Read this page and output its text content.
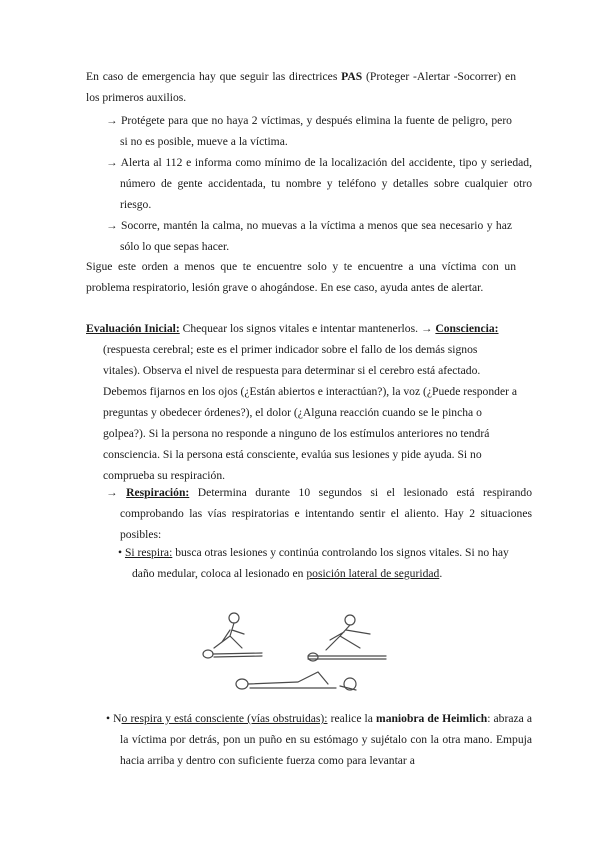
En caso de emergencia hay que seguir las directrices PAS (Proteger -Alertar -Socorrer) en los primeros auxilios.

→ Protégete para que no haya 2 víctimas, y después elimina la fuente de peligro, pero si no es posible, mueve a la víctima.
→ Alerta al 112 e informa como mínimo de la localización del accidente, tipo y seriedad, número de gente accidentada, tu nombre y teléfono y detalles sobre cualquier otro riesgo.
→ Socorre, mantén la calma, no muevas a la víctima a menos que sea necesario y haz sólo lo que sepas hacer.

Sigue este orden a menos que te encuentre solo y te encuentre a una víctima con un problema respiratorio, lesión grave o ahogándose. En ese caso, ayuda antes de alertar.

Evaluación Inicial: Chequear los signos vitales e intentar mantenerlos. → Consciencia:

(respuesta cerebral; este es el primer indicador sobre el fallo de los demás signos vitales). Observa el nivel de respuesta para determinar si el cerebro está afectado. Debemos fijarnos en los ojos (¿Están abiertos e interactúan?), la voz (¿Puede responder a preguntas y obedecer órdenes?), el dolor (¿Alguna reacción cuando se le pincha o golpea?). Si la persona no responde a ninguno de los estímulos anteriores no tendrá consciencia. Si la persona está consciente, evalúa sus lesiones y pide ayuda. Si no comprueba su respiración.

→ Respiración: Determina durante 10 segundos si el lesionado está respirando comprobando las vías respiratorias e intentando sentir el aliento. Hay 2 situaciones posibles:
• Si respira: busca otras lesiones y continúa controlando los signos vitales. Si no hay daño medular, coloca al lesionado en posición lateral de seguridad.
• No respira y está consciente (vías obstruidas): realice la maniobra de Heimlich: abraza a la víctima por detrás, pon un puño en su estómago y sujétalo con la otra mano. Empuja hacia arriba y dentro con suficiente fuerza como para levantar a
